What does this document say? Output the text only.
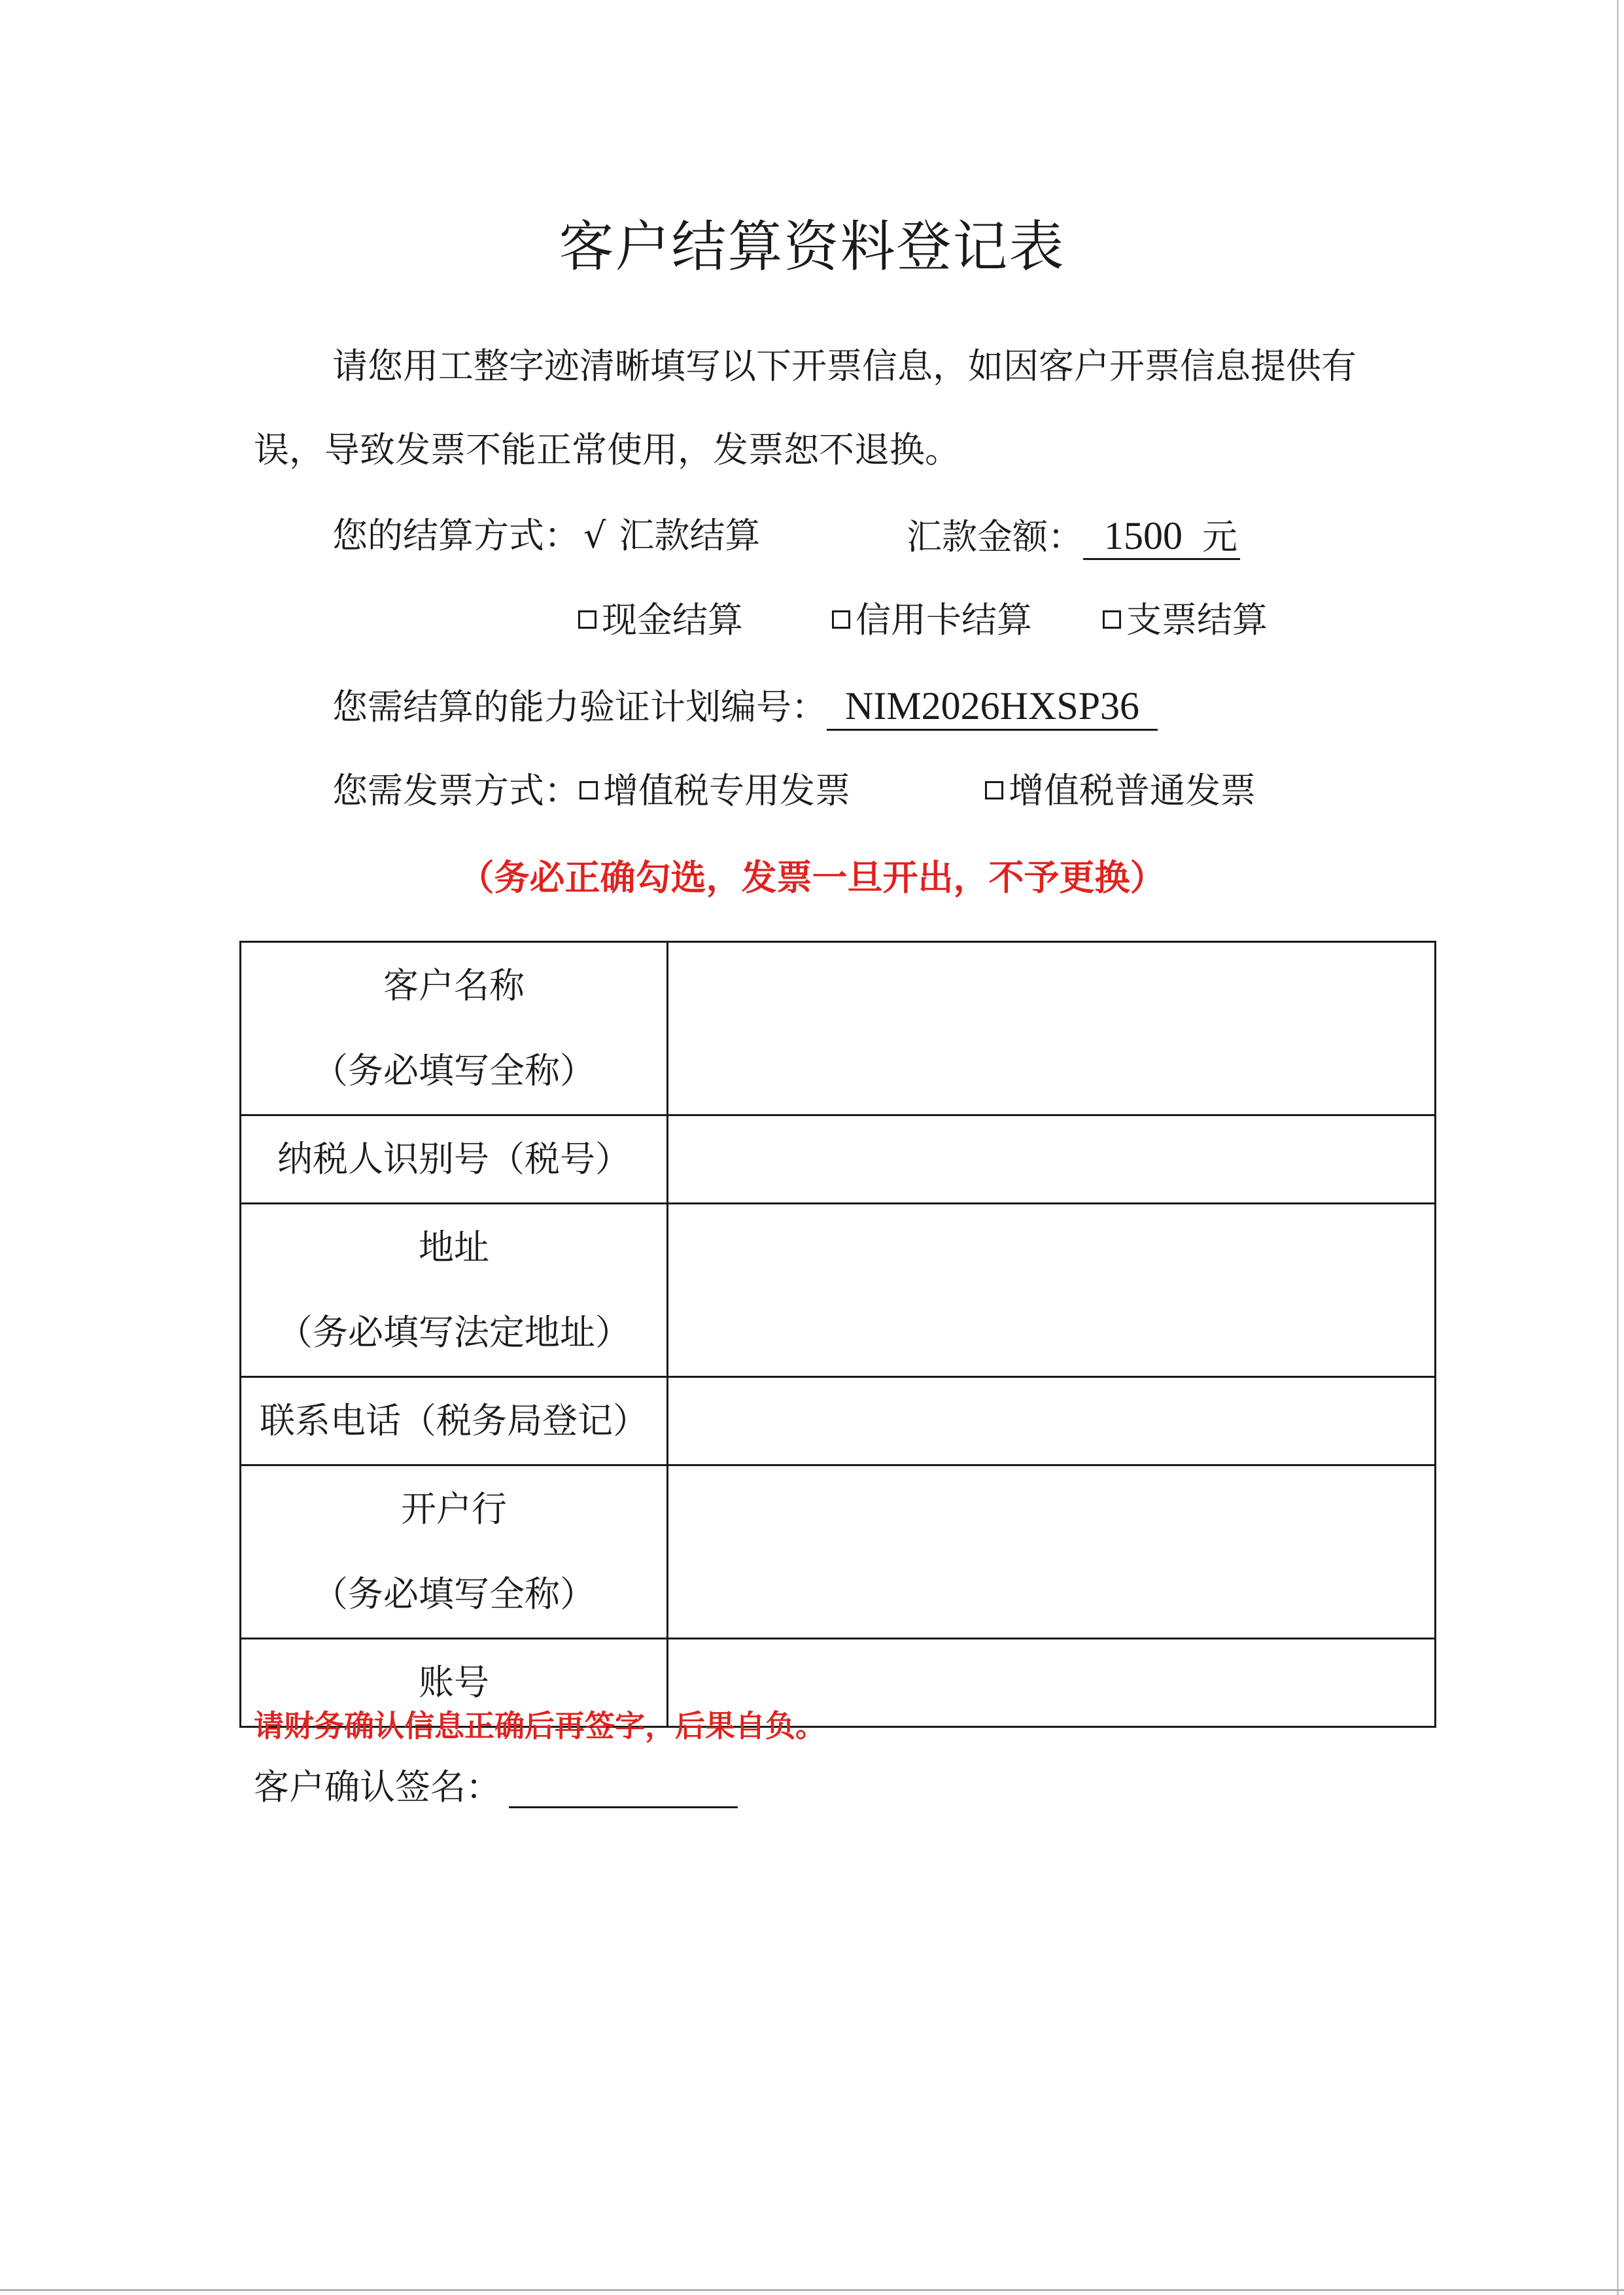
客户结算资料登记表
请您用工整字迹清晰填写以下开票信息，如因客户开票信息提供有
误，导致发票不能正常使用，发票恕不退换。
您的结算方式： √ 汇款结算	汇款金额： 1500 元
现金结算	信用卡结算	支票结算
您需结算的能力验证计划编号： NIM2026HXSP36
您需发票方式： 增值税专用发票	增值税普通发票
（务必正确勾选，发票一旦开出，不予更换）
客户名称
（务必填写全称）	

纳税人识别号（税号）	

地址
（务必填写法定地址）	

联系电话（税务局登记）	

开户行
（务必填写全称）	

账号	

请财务确认信息正确后再签字，后果自负。
客户确认签名：
